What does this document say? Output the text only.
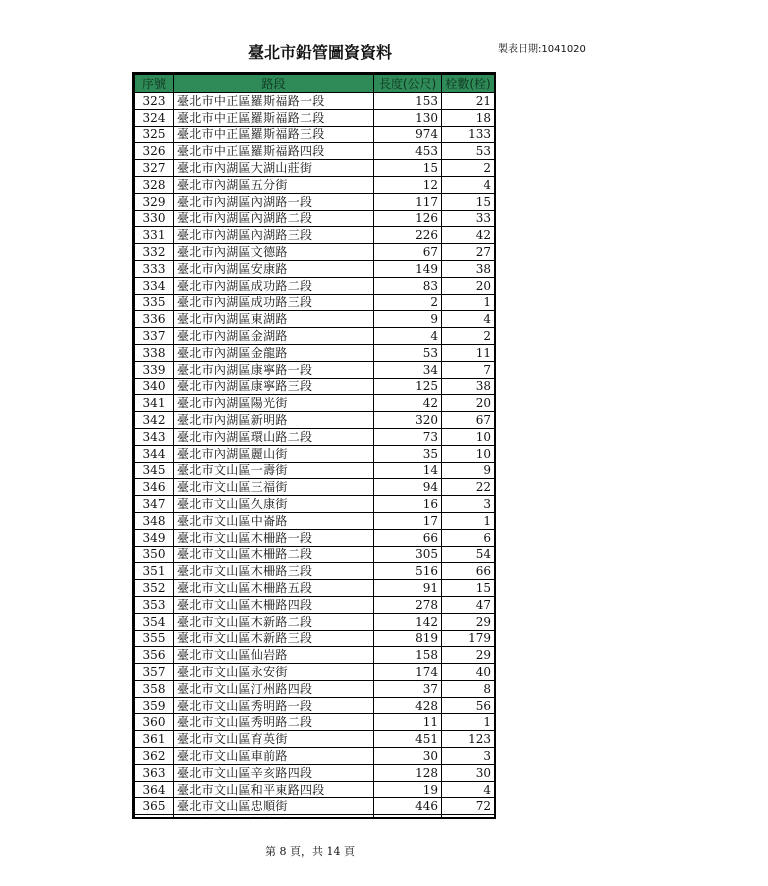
臺北市鉛管圖資資料	製表日期:1041020
序號	路段	長度(公尺)	栓數(栓)
323	臺北市中正區羅斯福路一段	153	21
324	臺北市中正區羅斯福路二段	130	18
325	臺北市中正區羅斯福路三段	974	133
326	臺北市中正區羅斯福路四段	453	53
327	臺北市內湖區大湖山莊街	15	2
328	臺北市內湖區五分街	12	4
329	臺北市內湖區內湖路一段	117	15
330	臺北市內湖區內湖路二段	126	33
331	臺北市內湖區內湖路三段	226	42
332	臺北市內湖區文德路	67	27
333	臺北市內湖區安康路	149	38
334	臺北市內湖區成功路二段	83	20
335	臺北市內湖區成功路三段	2	1
336	臺北市內湖區東湖路	9	4
337	臺北市內湖區金湖路	4	2
338	臺北市內湖區金龍路	53	11
339	臺北市內湖區康寧路一段	34	7
340	臺北市內湖區康寧路三段	125	38
341	臺北市內湖區陽光街	42	20
342	臺北市內湖區新明路	320	67
343	臺北市內湖區環山路二段	73	10
344	臺北市內湖區麗山街	35	10
345	臺北市文山區一壽街	14	9
346	臺北市文山區三福街	94	22
347	臺北市文山區久康街	16	3
348	臺北市文山區中崙路	17	1
349	臺北市文山區木柵路一段	66	6
350	臺北市文山區木柵路二段	305	54
351	臺北市文山區木柵路三段	516	66
352	臺北市文山區木柵路五段	91	15
353	臺北市文山區木柵路四段	278	47
354	臺北市文山區木新路二段	142	29
355	臺北市文山區木新路三段	819	179
356	臺北市文山區仙岩路	158	29
357	臺北市文山區永安街	174	40
358	臺北市文山區汀州路四段	37	8
359	臺北市文山區秀明路一段	428	56
360	臺北市文山區秀明路二段	11	1
361	臺北市文山區育英街	451	123
362	臺北市文山區車前路	30	3
363	臺北市文山區辛亥路四段	128	30
364	臺北市文山區和平東路四段	19	4
365	臺北市文山區忠順街	446	72

第 8 頁，共 14 頁
